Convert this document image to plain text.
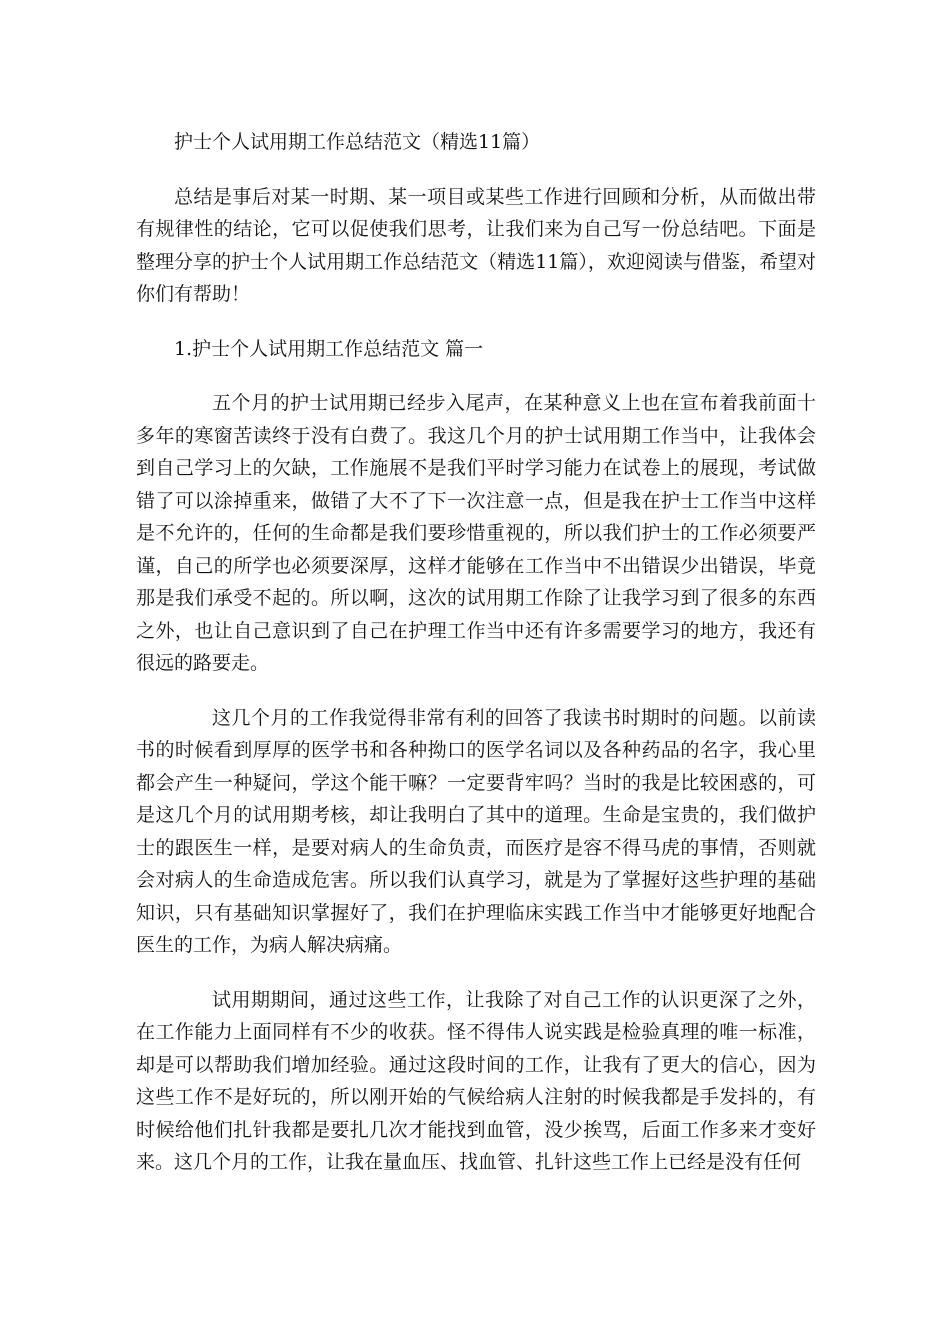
护士个人试用期工作总结范文（精选11篇）

总结是事后对某一时期、某一项目或某些工作进行回顾和分析，从而做出带有规律性的结论，它可以促使我们思考，让我们来为自己写一份总结吧。下面是整理分享的护士个人试用期工作总结范文（精选11篇），欢迎阅读与借鉴，希望对你们有帮助！

1.护士个人试用期工作总结范文 篇一

五个月的护士试用期已经步入尾声，在某种意义上也在宣布着我前面十多年的寒窗苦读终于没有白费了。我这几个月的护士试用期工作当中，让我体会到自己学习上的欠缺，工作施展不是我们平时学习能力在试卷上的展现，考试做错了可以涂掉重来，做错了大不了下一次注意一点，但是我在护士工作当中这样是不允许的，任何的生命都是我们要珍惜重视的，所以我们护士的工作必须要严谨，自己的所学也必须要深厚，这样才能够在工作当中不出错误少出错误，毕竟那是我们承受不起的。所以啊，这次的试用期工作除了让我学习到了很多的东西之外，也让自己意识到了自己在护理工作当中还有许多需要学习的地方，我还有很远的路要走。

这几个月的工作我觉得非常有利的回答了我读书时期时的问题。以前读书的时候看到厚厚的医学书和各种拗口的医学名词以及各种药品的名字，我心里都会产生一种疑问，学这个能干嘛？一定要背牢吗？当时的我是比较困惑的，可是这几个月的试用期考核，却让我明白了其中的道理。生命是宝贵的，我们做护士的跟医生一样，是要对病人的生命负责，而医疗是容不得马虎的事情，否则就会对病人的生命造成危害。所以我们认真学习，就是为了掌握好这些护理的基础知识，只有基础知识掌握好了，我们在护理临床实践工作当中才能够更好地配合医生的工作，为病人解决病痛。

试用期期间，通过这些工作，让我除了对自己工作的认识更深了之外，在工作能力上面同样有不少的收获。怪不得伟人说实践是检验真理的唯一标准，却是可以帮助我们增加经验。通过这段时间的工作，让我有了更大的信心，因为这些工作不是好玩的，所以刚开始的气候给病人注射的时候我都是手发抖的，有时候给他们扎针我都是要扎几次才能找到血管，没少挨骂，后面工作多来才变好来。这几个月的工作，让我在量血压、找血管、扎针这些工作上已经是没有任何
